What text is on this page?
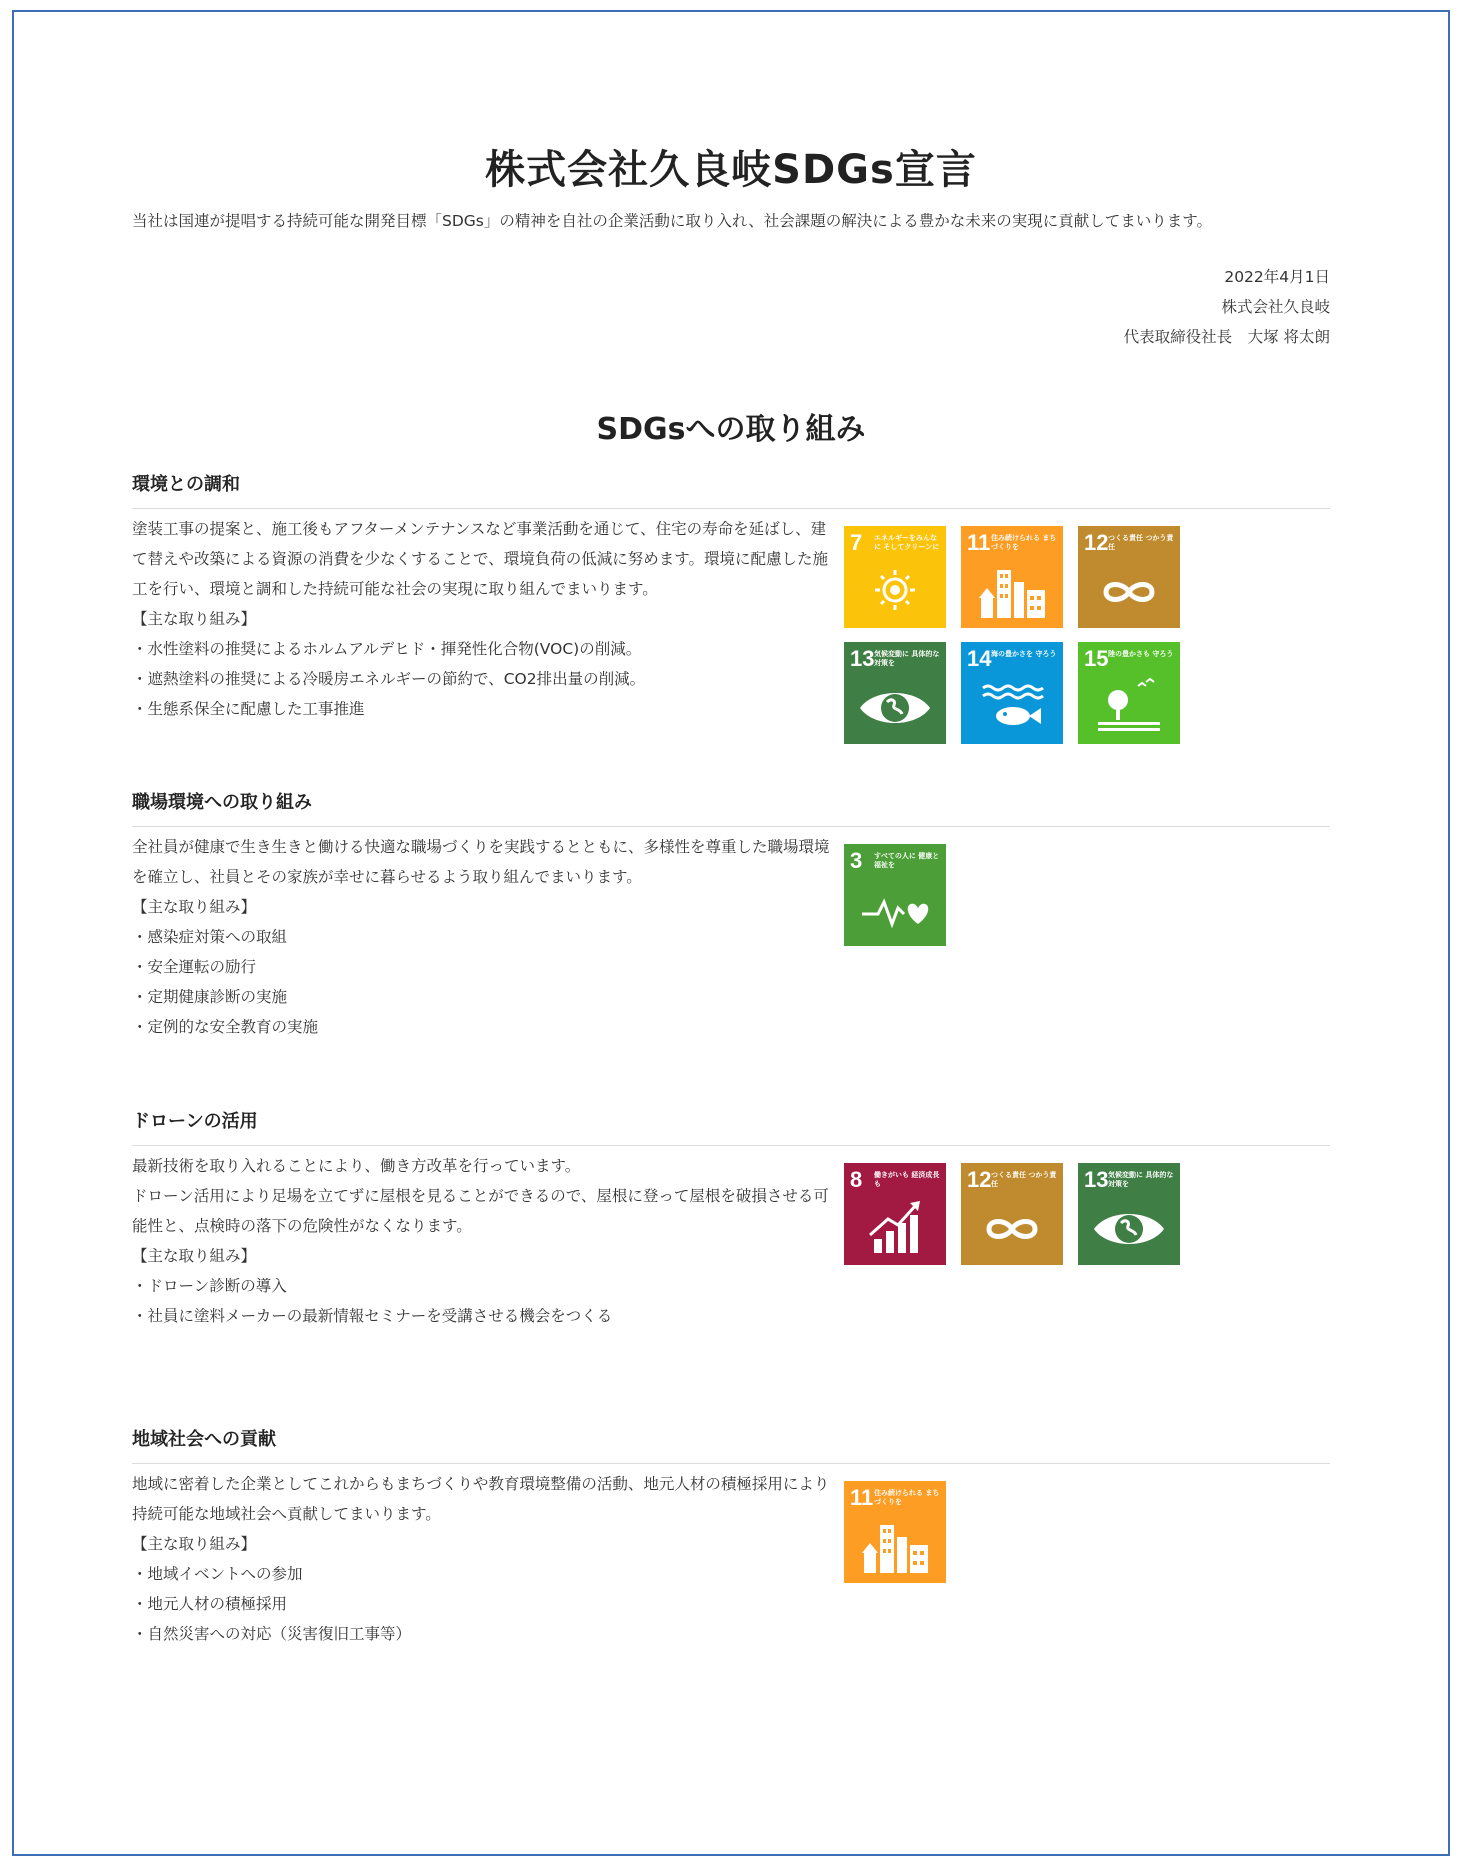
株式会社久良岐SDGs宣言
当社は国連が提唱する持続可能な開発目標「SDGs」の精神を自社の企業活動に取り入れ、社会課題の解決による豊かな未来の実現に貢献してまいります。
2022年4月1日
株式会社久良岐
代表取締役社長　大塚 将太朗
SDGsへの取り組み
環境との調和

塗装工事の提案と、施工後もアフターメンテナンスなど事業活動を通じて、住宅の寿命を延ばし、建

て替えや改築による資源の消費を少なくすることで、環境負荷の低減に努めます。環境に配慮した施

工を行い、環境と調和した持続可能な社会の実現に取り組んでまいります。

【主な取り組み】

・水性塗料の推奨によるホルムアルデヒド・揮発性化合物(VOC)の削減。

・遮熱塗料の推奨による冷暖房エネルギーの節約で、CO2排出量の削減。

・生態系保全に配慮した工事推進

7 エネルギーをみんなに そしてクリーンに 11 住み続けられる まちづくりを	12 つくる責任 つかう責任
13 気候変動に 具体的な対策を	14 海の豊かさを 守ろう 15 陸の豊かさも 守ろう
職場環境への取り組み

全社員が健康で生き生きと働ける快適な職場づくりを実践するとともに、多様性を尊重した職場環境

を確立し、社員とその家族が幸せに暮らせるよう取り組んでまいります。

【主な取り組み】

・感染症対策への取組

・安全運転の励行

・定期健康診断の実施

・定例的な安全教育の実施

3 すべての人に 健康と福祉を
ドローンの活用

最新技術を取り入れることにより、働き方改革を行っています。

ドローン活用により足場を立てずに屋根を見ることができるので、屋根に登って屋根を破損させる可

能性と、点検時の落下の危険性がなくなります。

【主な取り組み】

・ドローン診断の導入

・社員に塗料メーカーの最新情報セミナーを受講させる機会をつくる

8 働きがいも 経済成長も	12 つくる責任 つかう責任	13 気候変動に 具体的な対策を
地域社会への貢献

地域に密着した企業としてこれからもまちづくりや教育環境整備の活動、地元人材の積極採用により

持続可能な地域社会へ貢献してまいります。

【主な取り組み】

・地域イベントへの参加

・地元人材の積極採用

・自然災害への対応（災害復旧工事等）

11 住み続けられる まちづくりを
